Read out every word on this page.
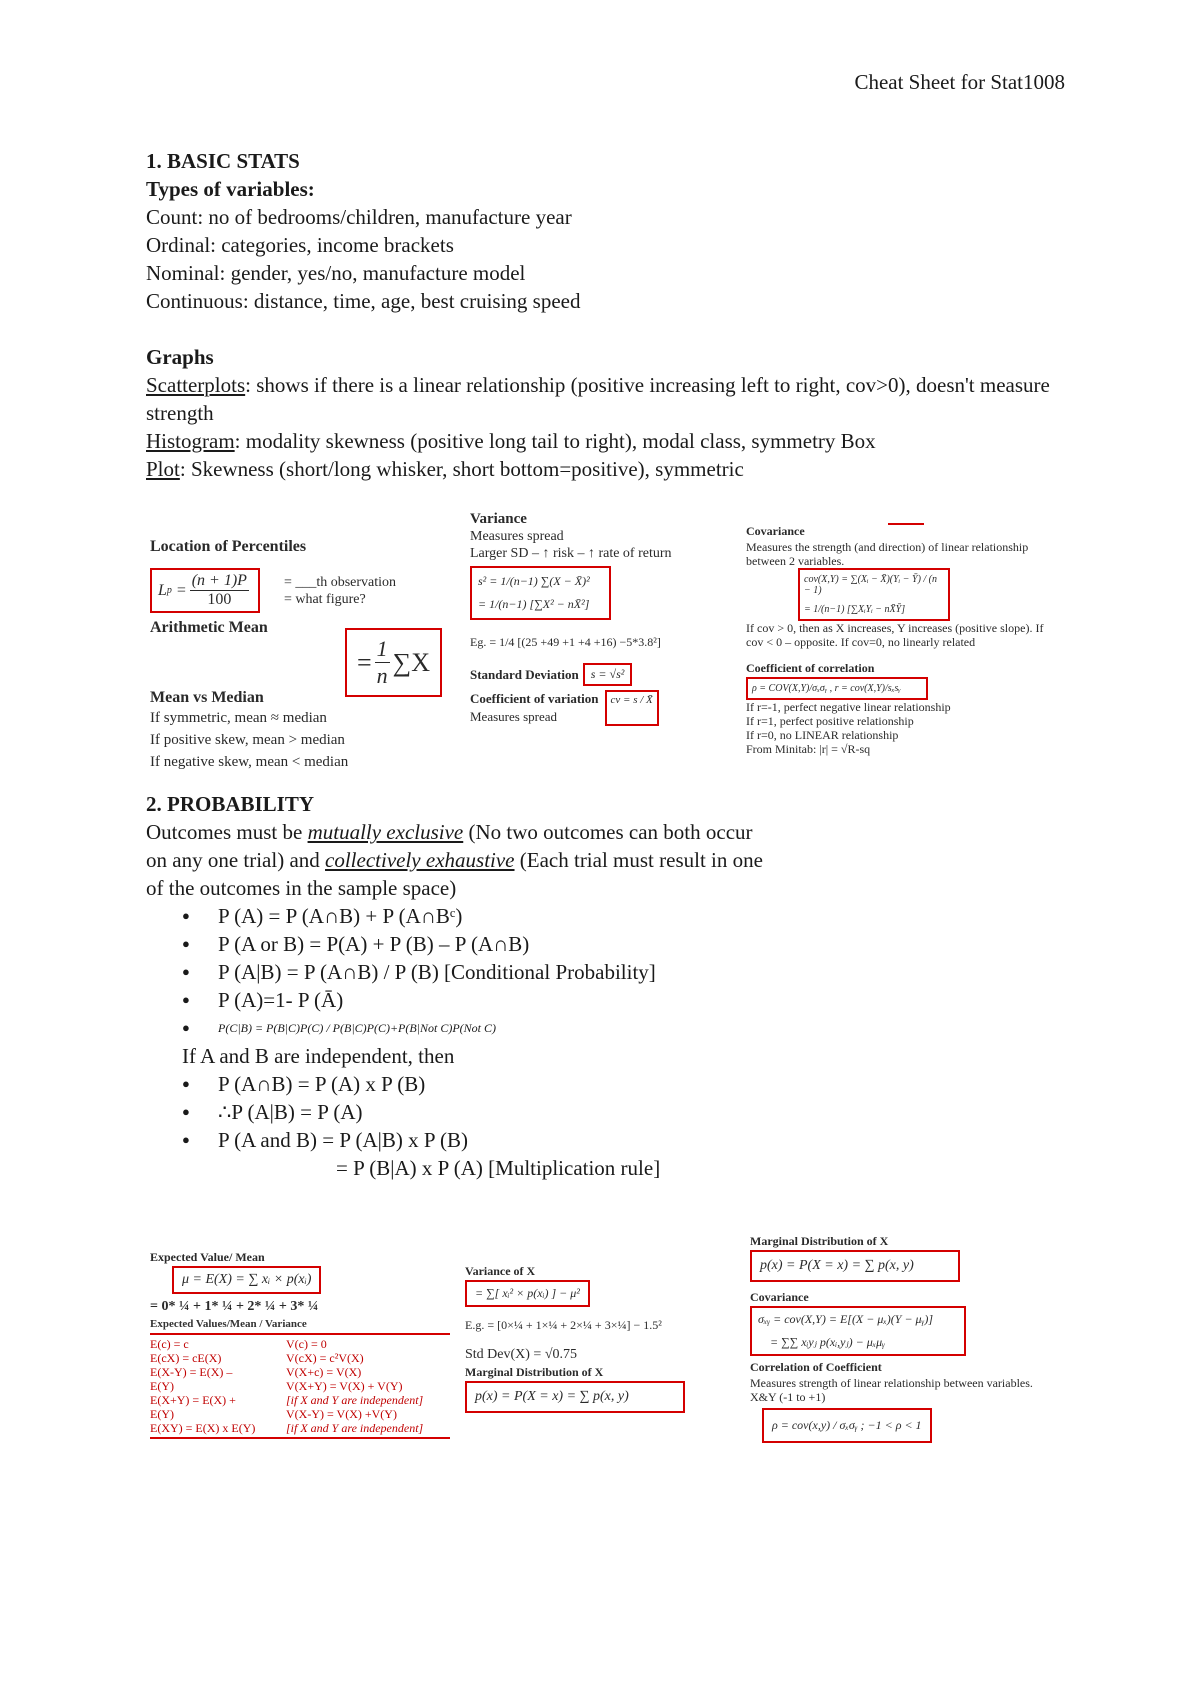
Cheat Sheet for Stat1008

1. BASIC STATS

Types of variables:

Count: no of bedrooms/children, manufacture year

Ordinal: categories, income brackets

Nominal: gender, yes/no, manufacture model

Continuous: distance, time, age, best cruising speed

Graphs

Scatterplots: shows if there is a linear relationship (positive increasing left to right, cov>0), doesn't measure strength

Histogram: modality skewness (positive long tail to right), modal class, symmetry Box

Plot: Skewness (short/long whisker, short bottom=positive), symmetric

Location of Percentiles

L $p = \frac{(n + 1)P}{100}$	= ___th observation

= what figure?

Arithmetic Mean

= $\frac{1}{n} \sum X$

Mean vs Median

If symmetric, mean ≈ median

If positive skew, mean > median

If negative skew, mean < median

Variance

Measures spread

Larger SD – ↑ risk – ↑ rate of return

s² = 1/(n−1) ∑(X − X̄)²
= 1/(n−1) [∑X² − nX̄²]

Eg. = 1/4 [(25 +49 +1 +4 +16) −5*3.8²]

Standard Deviation	s = √s²

Coefficient of variation

Measures spread

cv = s / X̄

Covariance

Measures the strength (and direction) of linear relationship

between 2 variables.

cov(X,Y) = ∑(Xᵢ − X̄)(Yᵢ − Ȳ) / (n − 1)
= 1/(n−1) [∑XᵢYᵢ − nX̄Ȳ]

If cov > 0, then as X increases, Y increases (positive slope). If

cov < 0 – opposite. If cov=0, no linearly related

Coefficient of correlation

ρ = COV(X,Y)/σₓσᵧ , r = cov(X,Y)/sₓsᵧ

If r=-1, perfect negative linear relationship

If r=1, perfect positive relationship

If r=0, no LINEAR relationship

From Minitab: |r| = √R-sq

2. PROBABILITY

Outcomes must be mutually exclusive (No two outcomes can both occur on any one trial) and collectively exhaustive (Each trial must result in one of the outcomes in the sample space)

● P (A) = P (A∩B) + P (A∩Bᶜ)
● P (A or B) = P(A) + P (B) – P (A∩B)
● P (A|B) = P (A∩B) / P (B) [Conditional Probability]
● P (A)=1- P (Ā)
● P(C|B) = P(B|C)P(C) / P(B|C)P(C)+P(B|Not C)P(Not C)

If A and B are independent, then

● P (A∩B) = P (A) x P (B)
● ∴P (A|B) = P (A)
● P (A and B) = P (A|B) x P (B)

= P (B|A) x P (A) [Multiplication rule]

Expected Value/ Mean

μ = E(X) = ∑ xᵢ × p(xᵢ)

= 0* ¼ + 1* ¼ + 2* ¼ + 3* ¼

Expected Values/Mean / Variance

E(c) = c	V(c) = 0
E(cX) = cE(X)	V(cX) = c²V(X)
E(X-Y) = E(X) –	V(X+c) = V(X)
E(Y)	V(X+Y) = V(X) + V(Y)
E(X+Y) = E(X) +	[if X and Y are independent]
E(Y)	V(X-Y) = V(X) +V(Y)
E(XY) = E(X) x E(Y)	[if X and Y are independent]

Variance of X

= ∑[ xᵢ² × p(xᵢ) ] − μ²

E.g. = [0×¼ + 1×¼ + 2×¼ + 3×¼] − 1.5²

Std Dev(X) = √0.75

Marginal Distribution of X

p(x) = P(X = x) = ∑ p(x, y)

Marginal Distribution of X

p(x) = P(X = x) = ∑ p(x, y)

Covariance

σₓᵧ = cov(X,Y) = E[(X − μₓ)(Y − μᵧ)]
= ∑∑ xᵢyⱼ p(xᵢ,yⱼ) − μₓμᵧ

Correlation of Coefficient

Measures strength of linear relationship between variables.

X&Y (-1 to +1)

ρ = cov(x,y) / σₓσᵧ ; −1 < ρ < 1
